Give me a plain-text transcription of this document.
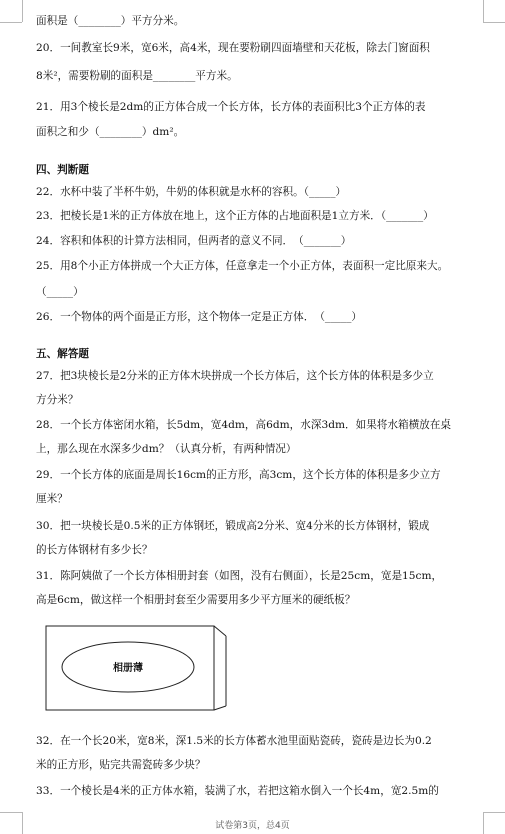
面积是（________）平方分米。
20．一间教室长9米，宽6米，高4米，现在要粉刷四面墙壁和天花板，除去门窗面积
8米²，需要粉刷的面积是________平方米。
21．用3个棱长是2dm的正方体合成一个长方体，长方体的表面积比3个正方体的表
面积之和少（________）dm²。
四、判断题
22．水杯中装了半杯牛奶，牛奶的体积就是水杯的容积。（_____）
23．把棱长是1米的正方体放在地上，这个正方体的占地面积是1立方米．（_______）
24．容积和体积的计算方法相同，但两者的意义不同．　（_______）
25．用8个小正方体拼成一个大正方体，任意拿走一个小正方体，表面积一定比原来大。
（_____）
26．一个物体的两个面是正方形，这个物体一定是正方体．　（_____）
五、解答题
27．把3块棱长是2分米的正方体木块拼成一个长方体后，这个长方体的体积是多少立
方分米？
28．一个长方体密闭水箱，长5dm，宽4dm，高6dm，水深3dm．如果将水箱横放在桌
上，那么现在水深多少dm？（认真分析，有两种情况）
29．一个长方体的底面是周长16cm的正方形，高3cm，这个长方体的体积是多少立方
厘米？
30．把一块棱长是0.5米的正方体钢坯，锻成高2分米、宽4分米的长方体钢材，锻成
的长方体钢材有多少长？
31．陈阿姨做了一个长方体相册封套（如图，没有右侧面），长是25cm，宽是15cm，
高是6cm，做这样一个相册封套至少需要用多少平方厘米的硬纸板？
相册薄
32．在一个长20米，宽8米，深1.5米的长方体蓄水池里面贴瓷砖，瓷砖是边长为0.2
米的正方形，贴完共需瓷砖多少块？
33．一个棱长是4米的正方体水箱，装满了水，若把这箱水倒入一个长4m，宽2.5m的
试卷第3页，总4页
